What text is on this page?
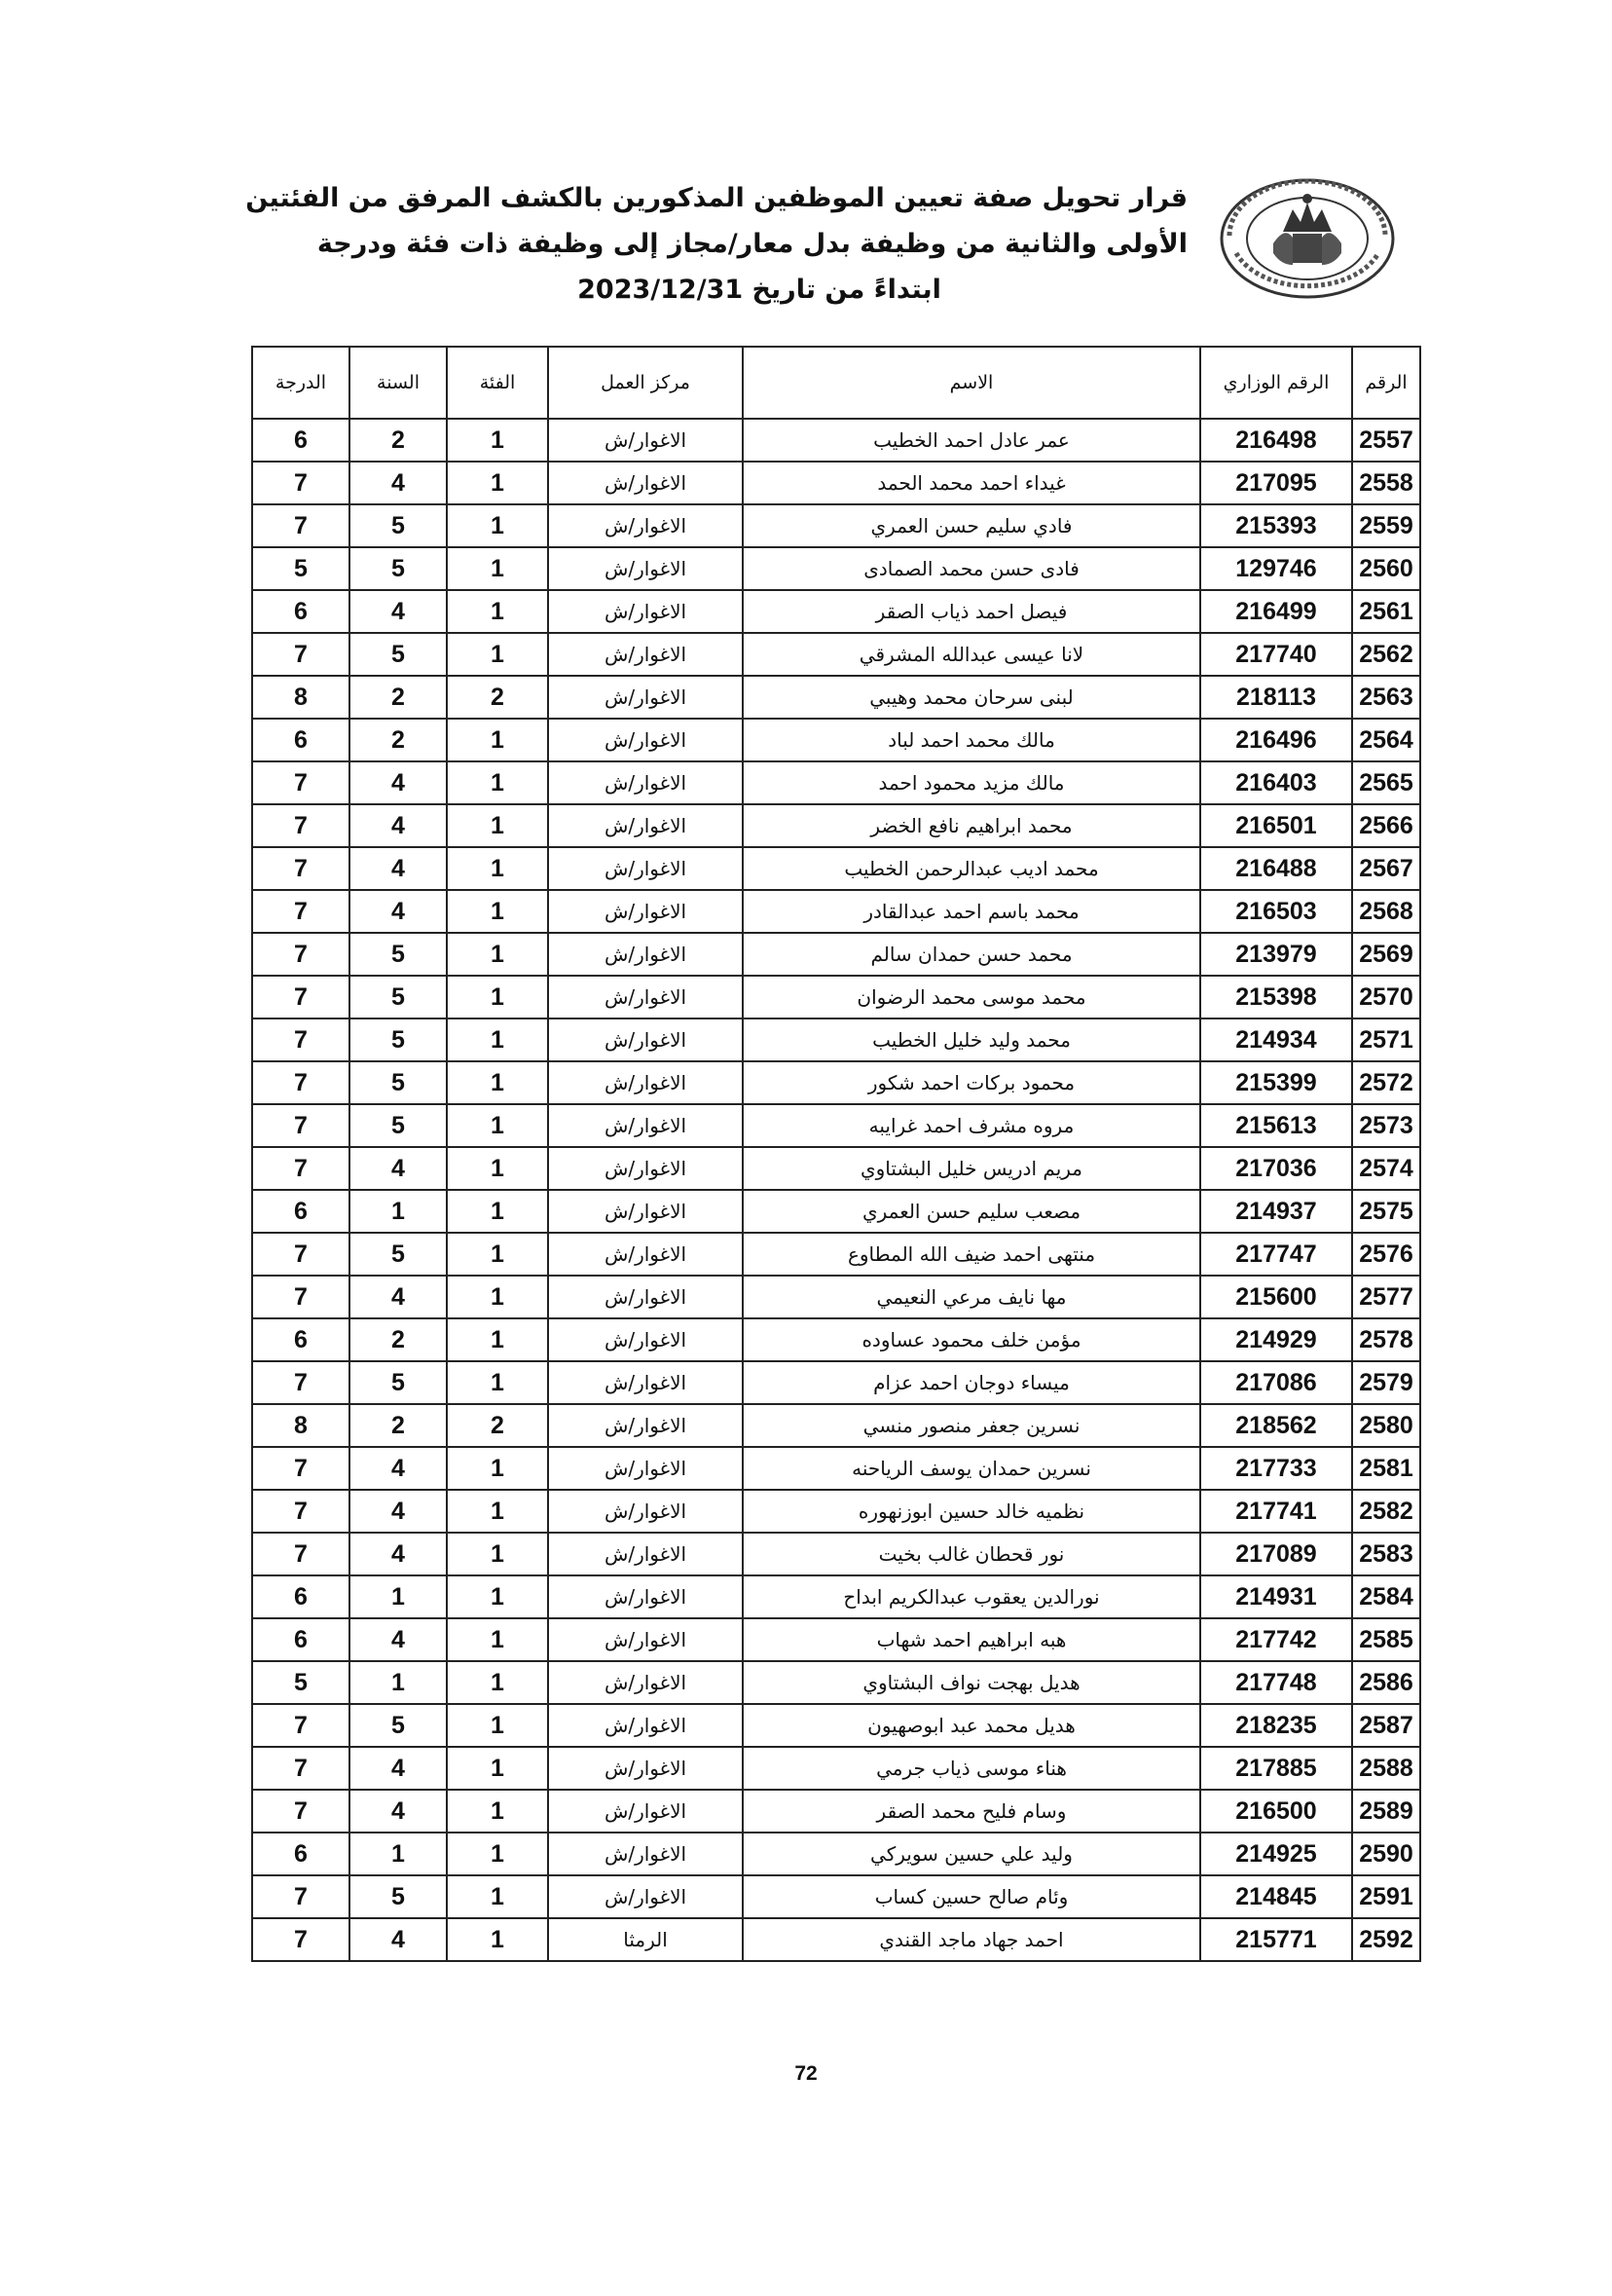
قرار تحويل صفة تعيين الموظفين المذكورين بالكشف المرفق من الفئتين
الأولى والثانية من وظيفة بدل معار/مجاز إلى وظيفة ذات فئة ودرجة
ابتداءً من تاريخ 2023/12/31
الرقم	الرقم الوزاري	الاسم	مركز العمل	الفئة	السنة	الدرجة
2557	216498	عمر عادل احمد الخطيب	الاغوار/ش	1	2	6
2558	217095	غيداء احمد محمد الحمد	الاغوار/ش	1	4	7
2559	215393	فادي سليم حسن العمري	الاغوار/ش	1	5	7
2560	129746	فادى حسن محمد الصمادى	الاغوار/ش	1	5	5
2561	216499	فيصل احمد ذياب الصقر	الاغوار/ش	1	4	6
2562	217740	لانا عيسى عبدالله المشرقي	الاغوار/ش	1	5	7
2563	218113	لبنى سرحان محمد وهيبي	الاغوار/ش	2	2	8
2564	216496	مالك محمد احمد لباد	الاغوار/ش	1	2	6
2565	216403	مالك مزيد محمود احمد	الاغوار/ش	1	4	7
2566	216501	محمد ابراهيم نافع الخضر	الاغوار/ش	1	4	7
2567	216488	محمد اديب عبدالرحمن الخطيب	الاغوار/ش	1	4	7
2568	216503	محمد باسم احمد عبدالقادر	الاغوار/ش	1	4	7
2569	213979	محمد حسن حمدان سالم	الاغوار/ش	1	5	7
2570	215398	محمد موسى محمد الرضوان	الاغوار/ش	1	5	7
2571	214934	محمد وليد خليل الخطيب	الاغوار/ش	1	5	7
2572	215399	محمود بركات احمد شكور	الاغوار/ش	1	5	7
2573	215613	مروه مشرف احمد غرايبه	الاغوار/ش	1	5	7
2574	217036	مريم ادريس خليل البشتاوي	الاغوار/ش	1	4	7
2575	214937	مصعب سليم حسن العمري	الاغوار/ش	1	1	6
2576	217747	منتهى احمد ضيف الله المطاوع	الاغوار/ش	1	5	7
2577	215600	مها نايف مرعي النعيمي	الاغوار/ش	1	4	7
2578	214929	مؤمن خلف محمود عساوده	الاغوار/ش	1	2	6
2579	217086	ميساء دوجان احمد عزام	الاغوار/ش	1	5	7
2580	218562	نسرين جعفر منصور منسي	الاغوار/ش	2	2	8
2581	217733	نسرين حمدان يوسف الرياحنه	الاغوار/ش	1	4	7
2582	217741	نظميه خالد حسين ابوزنهوره	الاغوار/ش	1	4	7
2583	217089	نور قحطان غالب بخيت	الاغوار/ش	1	4	7
2584	214931	نورالدين يعقوب عبدالكريم ابداح	الاغوار/ش	1	1	6
2585	217742	هبه ابراهيم احمد شهاب	الاغوار/ش	1	4	6
2586	217748	هديل بهجت نواف البشتاوي	الاغوار/ش	1	1	5
2587	218235	هديل محمد عبد ابوصهيون	الاغوار/ش	1	5	7
2588	217885	هناء موسى ذياب جرمي	الاغوار/ش	1	4	7
2589	216500	وسام فليح محمد الصقر	الاغوار/ش	1	4	7
2590	214925	وليد علي حسين سويركي	الاغوار/ش	1	1	6
2591	214845	وئام صالح حسين كساب	الاغوار/ش	1	5	7
2592	215771	احمد جهاد ماجد القندي	الرمثا	1	4	7
72
